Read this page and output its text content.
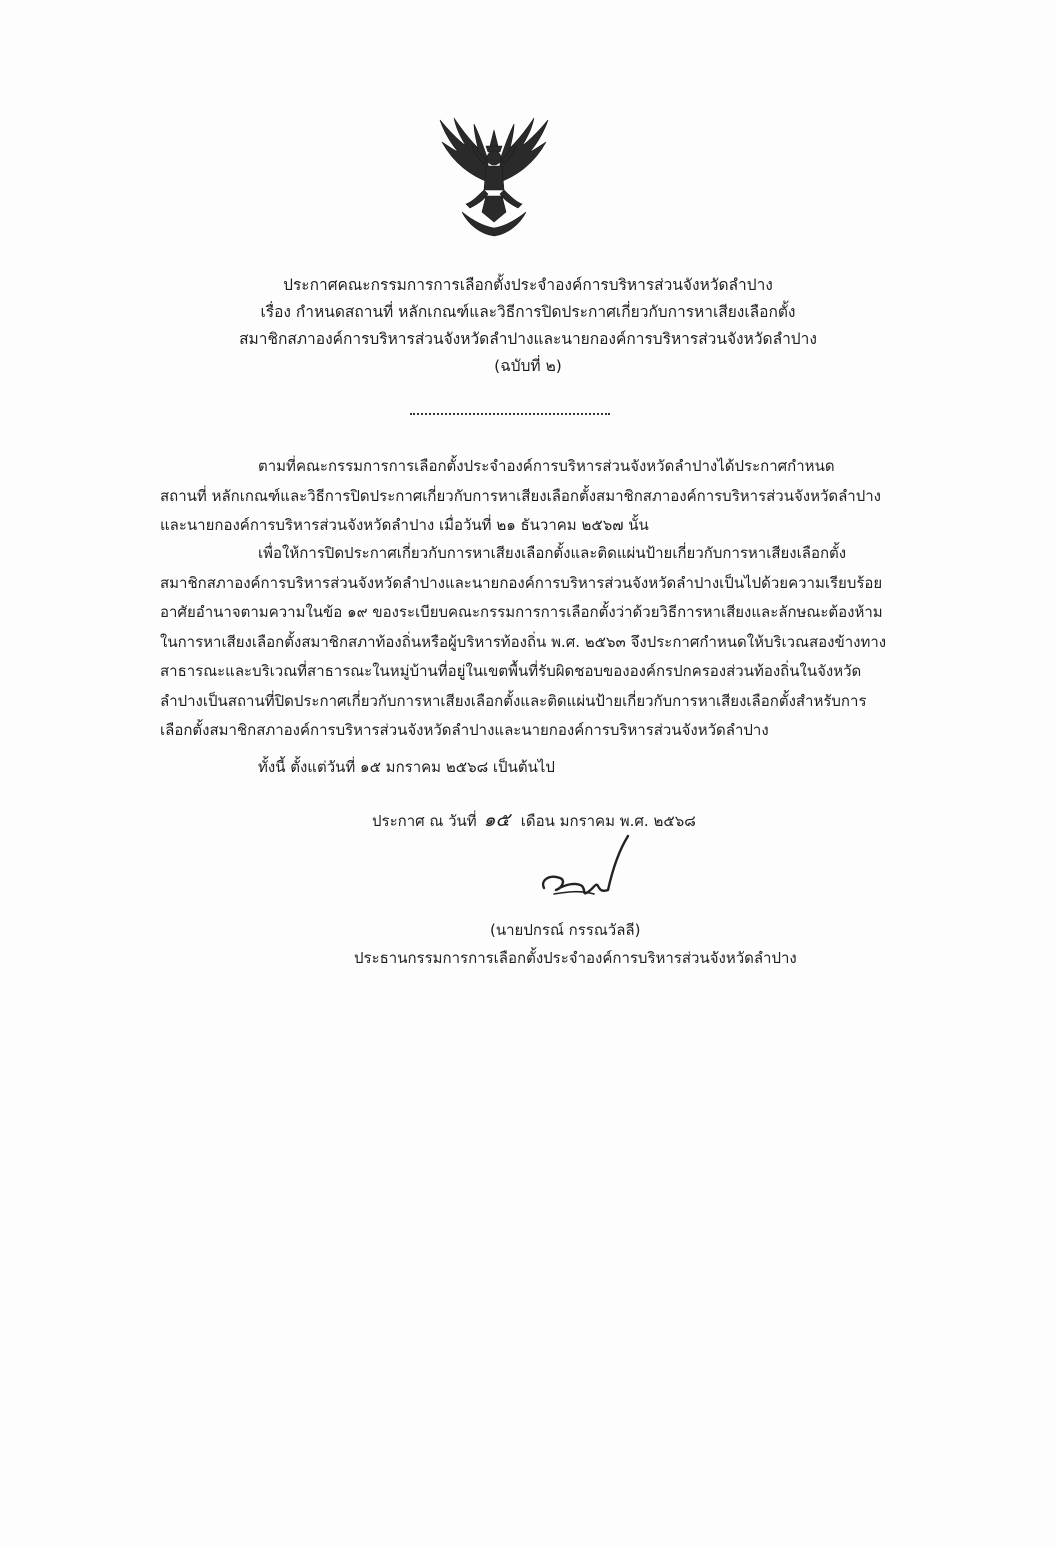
ประกาศคณะกรรมการการเลือกตั้งประจำองค์การบริหารส่วนจังหวัดลำปาง
เรื่อง กำหนดสถานที่ หลักเกณฑ์และวิธีการปิดประกาศเกี่ยวกับการหาเสียงเลือกตั้ง
สมาชิกสภาองค์การบริหารส่วนจังหวัดลำปางและนายกองค์การบริหารส่วนจังหวัดลำปาง
(ฉบับที่ ๒)
ตามที่คณะกรรมการการเลือกตั้งประจำองค์การบริหารส่วนจังหวัดลำปางได้ประกาศกำหนด
สถานที่ หลักเกณฑ์และวิธีการปิดประกาศเกี่ยวกับการหาเสียงเลือกตั้งสมาชิกสภาองค์การบริหารส่วนจังหวัดลำปาง
และนายกองค์การบริหารส่วนจังหวัดลำปาง เมื่อวันที่ ๒๑ ธันวาคม ๒๕๖๗ นั้น
เพื่อให้การปิดประกาศเกี่ยวกับการหาเสียงเลือกตั้งและติดแผ่นป้ายเกี่ยวกับการหาเสียงเลือกตั้ง
สมาชิกสภาองค์การบริหารส่วนจังหวัดลำปางและนายกองค์การบริหารส่วนจังหวัดลำปางเป็นไปด้วยความเรียบร้อย
อาศัยอำนาจตามความในข้อ ๑๙ ของระเบียบคณะกรรมการการเลือกตั้งว่าด้วยวิธีการหาเสียงและลักษณะต้องห้าม
ในการหาเสียงเลือกตั้งสมาชิกสภาท้องถิ่นหรือผู้บริหารท้องถิ่น พ.ศ. ๒๕๖๓ จึงประกาศกำหนดให้บริเวณสองข้างทาง
สาธารณะและบริเวณที่สาธารณะในหมู่บ้านที่อยู่ในเขตพื้นที่รับผิดชอบขององค์กรปกครองส่วนท้องถิ่นในจังหวัด
ลำปางเป็นสถานที่ปิดประกาศเกี่ยวกับการหาเสียงเลือกตั้งและติดแผ่นป้ายเกี่ยวกับการหาเสียงเลือกตั้งสำหรับการ
เลือกตั้งสมาชิกสภาองค์การบริหารส่วนจังหวัดลำปางและนายกองค์การบริหารส่วนจังหวัดลำปาง
ทั้งนี้ ตั้งแต่วันที่ ๑๕ มกราคม ๒๕๖๘ เป็นต้นไป
ประกาศ ณ วันที่ ๑๕ เดือน มกราคม พ.ศ. ๒๕๖๘
(นายปกรณ์ กรรณวัลลี)
ประธานกรรมการการเลือกตั้งประจำองค์การบริหารส่วนจังหวัดลำปาง
